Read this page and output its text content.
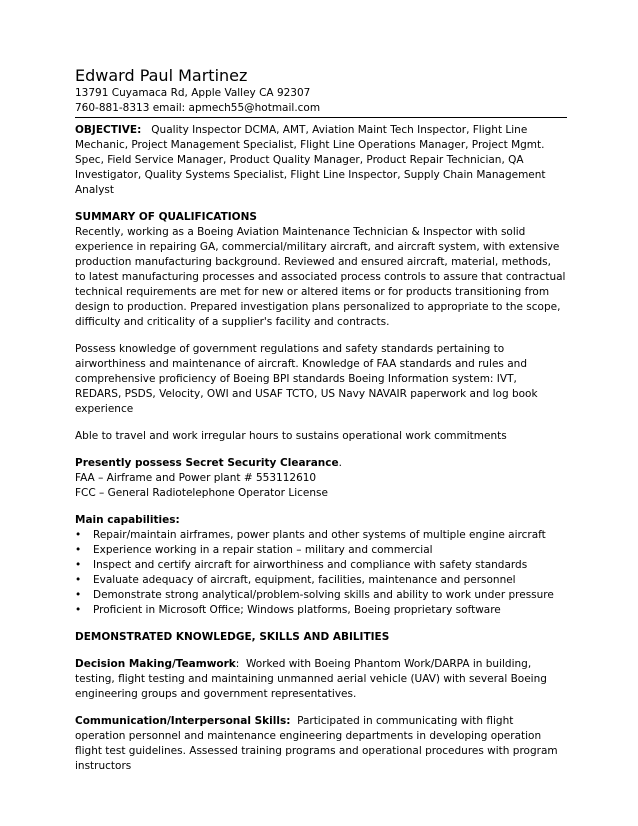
Edward Paul Martinez
13791 Cuyamaca Rd, Apple Valley CA 92307
760-881-8313 email: apmech55@hotmail.com
OBJECTIVE: Quality Inspector DCMA, AMT, Aviation Maint Tech Inspector, Flight Line
Mechanic, Project Management Specialist, Flight Line Operations Manager, Project Mgmt.
Spec, Field Service Manager, Product Quality Manager, Product Repair Technician, QA
Investigator, Quality Systems Specialist, Flight Line Inspector, Supply Chain Management
Analyst
SUMMARY OF QUALIFICATIONS
Recently, working as a Boeing Aviation Maintenance Technician & Inspector with solid
experience in repairing GA, commercial/military aircraft, and aircraft system, with extensive
production manufacturing background. Reviewed and ensured aircraft, material, methods,
to latest manufacturing processes and associated process controls to assure that contractual
technical requirements are met for new or altered items or for products transitioning from
design to production. Prepared investigation plans personalized to appropriate to the scope,
difficulty and criticality of a supplier's facility and contracts.
Possess knowledge of government regulations and safety standards pertaining to
airworthiness and maintenance of aircraft. Knowledge of FAA standards and rules and
comprehensive proficiency of Boeing BPI standards Boeing Information system: IVT,
REDARS, PSDS, Velocity, OWI and USAF TCTO, US Navy NAVAIR paperwork and log book
experience
Able to travel and work irregular hours to sustains operational work commitments
Presently possess Secret Security Clearance.
FAA – Airframe and Power plant # 553112610
FCC – General Radiotelephone Operator License
Main capabilities:
• Repair/maintain airframes, power plants and other systems of multiple engine aircraft
• Experience working in a repair station – military and commercial
• Inspect and certify aircraft for airworthiness and compliance with safety standards
• Evaluate adequacy of aircraft, equipment, facilities, maintenance and personnel
• Demonstrate strong analytical/problem-solving skills and ability to work under pressure
• Proficient in Microsoft Office; Windows platforms, Boeing proprietary software
DEMONSTRATED KNOWLEDGE, SKILLS AND ABILITIES
Decision Making/Teamwork: Worked with Boeing Phantom Work/DARPA in building,
testing, flight testing and maintaining unmanned aerial vehicle (UAV) with several Boeing
engineering groups and government representatives.
Communication/Interpersonal Skills: Participated in communicating with flight
operation personnel and maintenance engineering departments in developing operation
flight test guidelines. Assessed training programs and operational procedures with program
instructors
